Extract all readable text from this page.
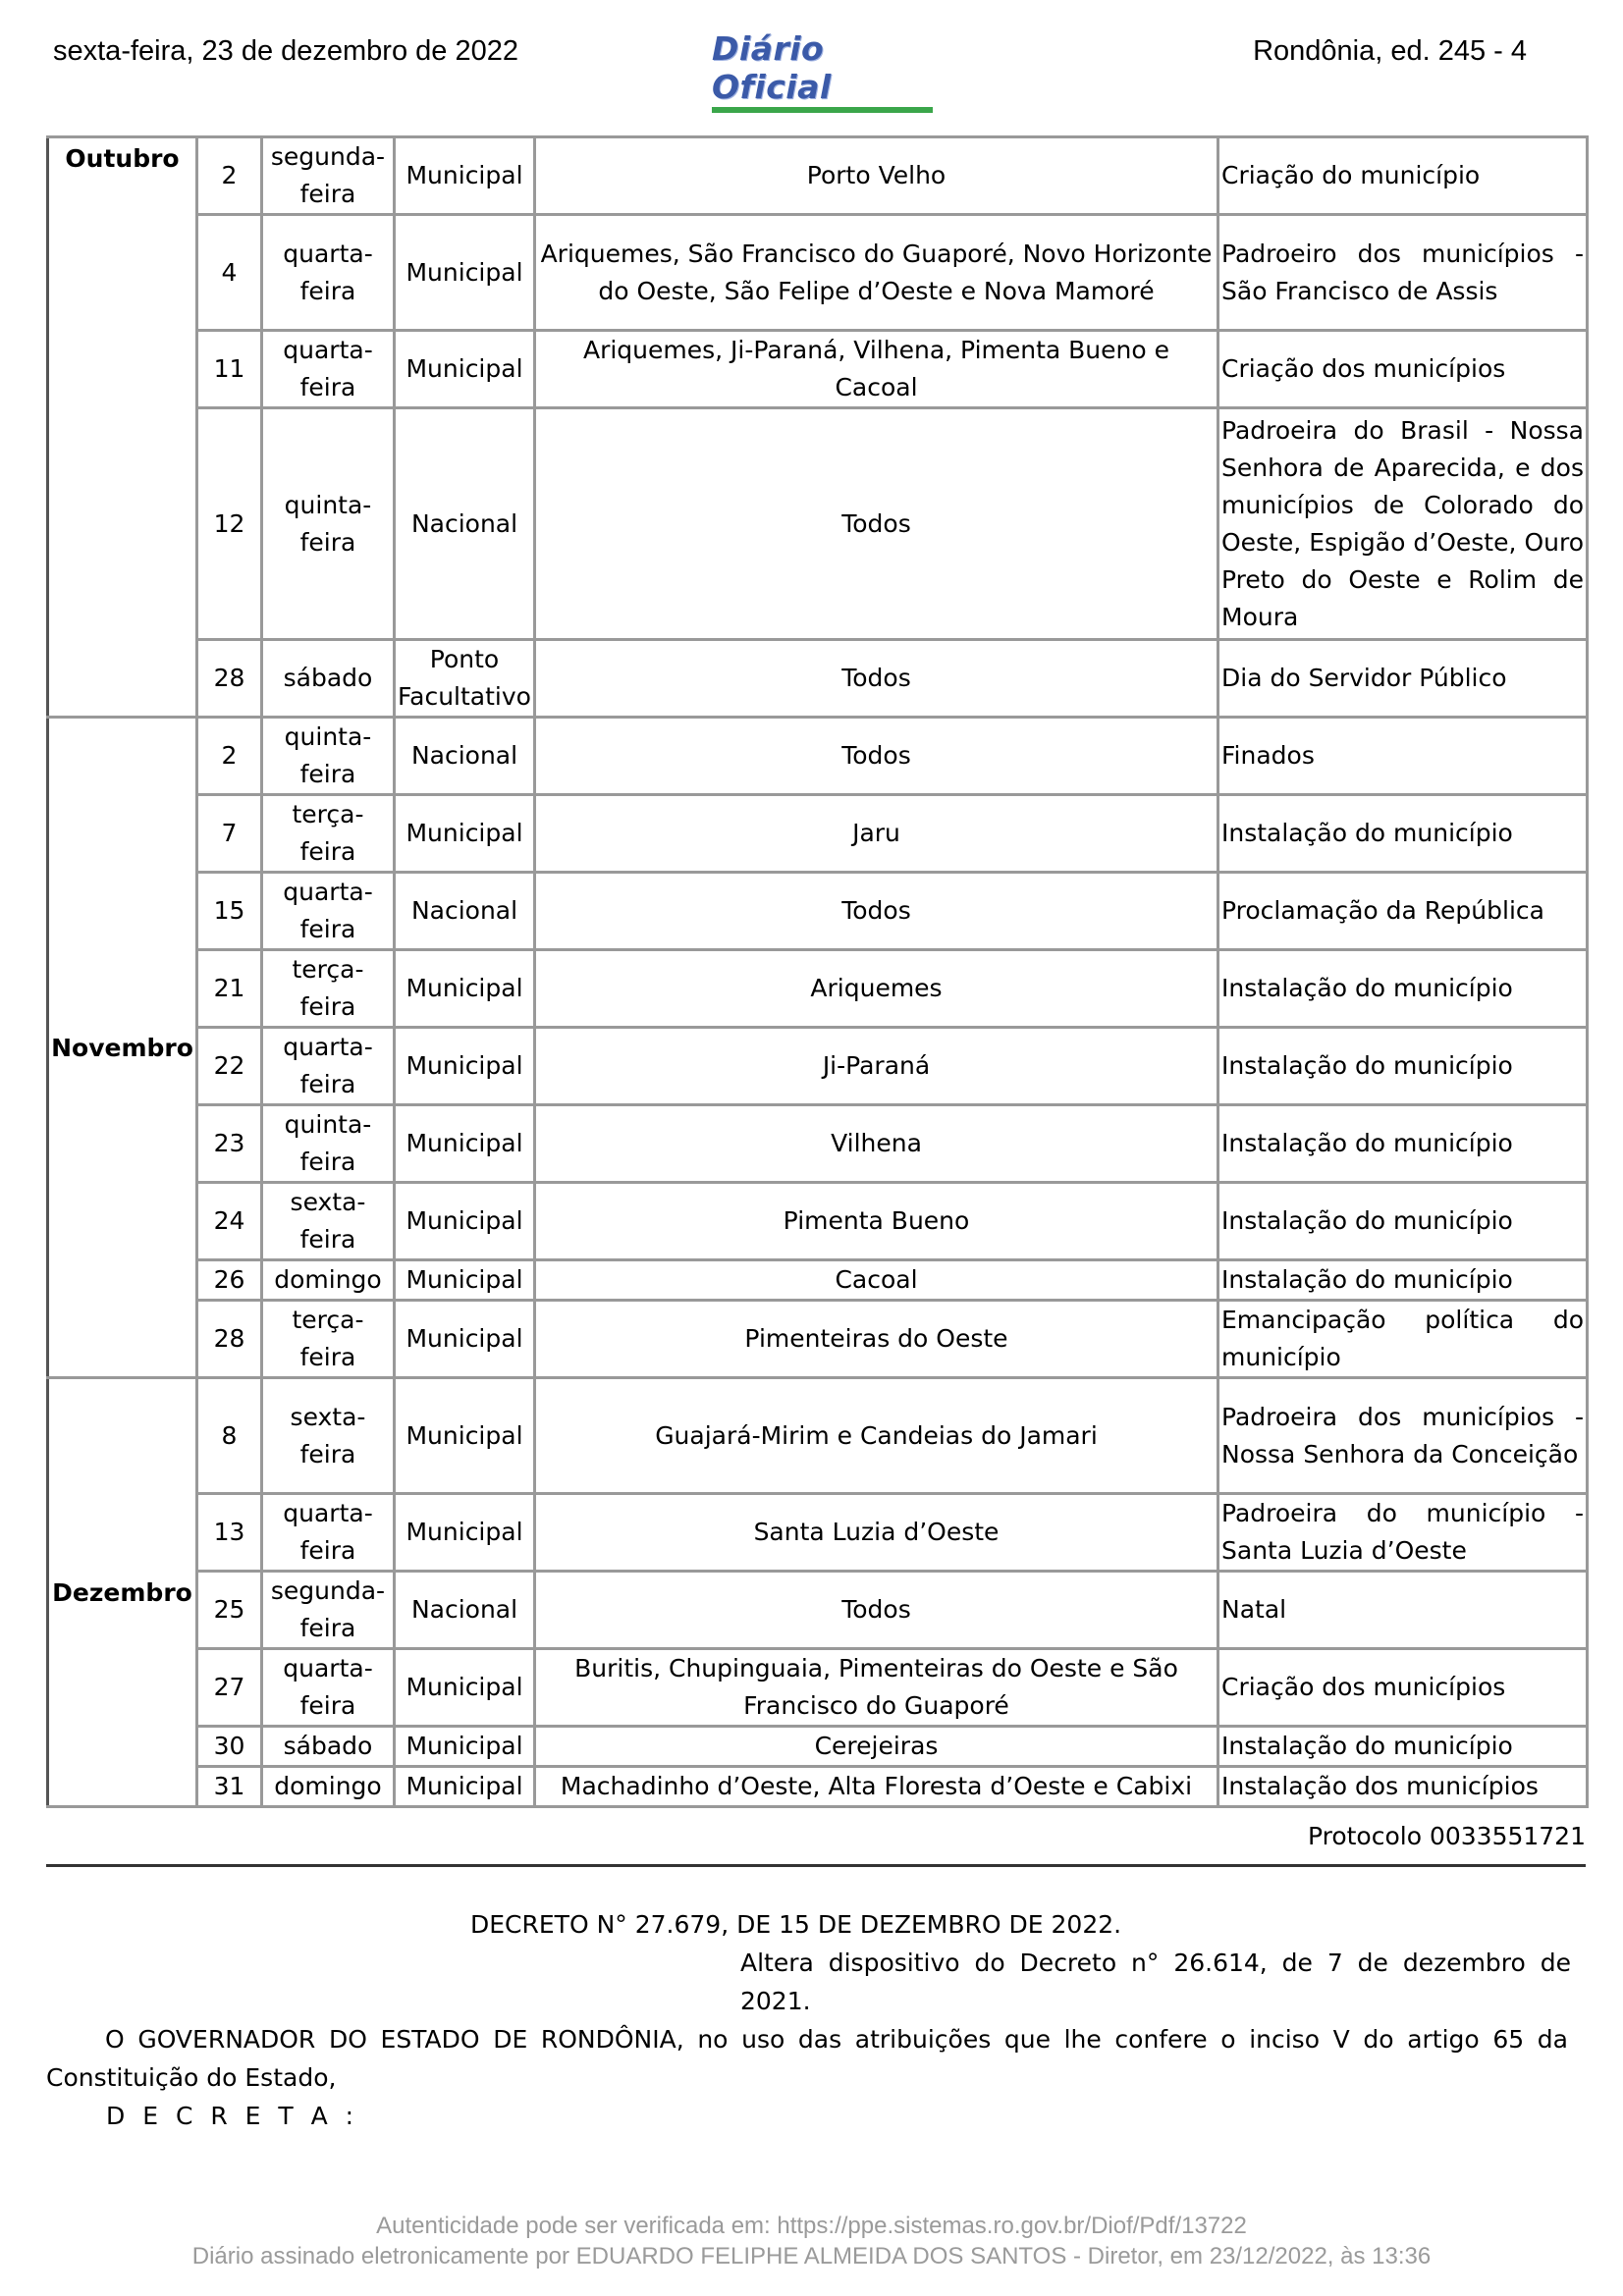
sexta-feira, 23 de dezembro de 2022	Diário Oficial
Rondônia, ed. 245 - 4
Outubro	2	segunda-feira	Municipal	Porto Velho	Criação do município
	4	quarta-feira	Municipal	Ariquemes, São Francisco do Guaporé, Novo Horizonte do Oeste, São Felipe d’Oeste e Nova Mamoré	Padroeiro dos municípios - São Francisco de Assis
	11	quarta-feira	Municipal	Ariquemes, Ji-Paraná, Vilhena, Pimenta Bueno e Cacoal	Criação dos municípios
	12	quinta-feira	Nacional	Todos	Padroeira do Brasil - Nossa Senhora de Aparecida, e dos municípios de Colorado do Oeste, Espigão d’Oeste, Ouro Preto do Oeste e Rolim de Moura
	28	sábado	Ponto Facultativo	Todos	Dia do Servidor Público
Novembro	2	quinta-feira	Nacional	Todos	Finados
	7	terça-feira	Municipal	Jaru	Instalação do município
	15	quarta-feira	Nacional	Todos	Proclamação da República
	21	terça-feira	Municipal	Ariquemes	Instalação do município
	22	quarta-feira	Municipal	Ji-Paraná	Instalação do município
	23	quinta-feira	Municipal	Vilhena	Instalação do município
	24	sexta-feira	Municipal	Pimenta Bueno	Instalação do município
	26	domingo	Municipal	Cacoal	Instalação do município
	28	terça-feira	Municipal	Pimenteiras do Oeste	Emancipação política do município
Dezembro	8	sexta-feira	Municipal	Guajará-Mirim e Candeias do Jamari	Padroeira dos municípios - Nossa Senhora da Conceição
	13	quarta-feira	Municipal	Santa Luzia d’Oeste	Padroeira do município - Santa Luzia d’Oeste
	25	segunda-feira	Nacional	Todos	Natal
	27	quarta-feira	Municipal	Buritis, Chupinguaia, Pimenteiras do Oeste e São Francisco do Guaporé	Criação dos municípios
	30	sábado	Municipal	Cerejeiras	Instalação do município
	31	domingo	Municipal	Machadinho d’Oeste, Alta Floresta d’Oeste e Cabixi	Instalação dos municípios
Protocolo 0033551721
DECRETO N° 27.679, DE 15 DE DEZEMBRO DE 2022.
Altera dispositivo do Decreto n° 26.614, de 7 de dezembro de 2021.
O GOVERNADOR DO ESTADO DE RONDÔNIA, no uso das atribuições que lhe confere o inciso V do artigo 65 da Constituição do Estado,
D E C R E T A :
Autenticidade pode ser verificada em: https://ppe.sistemas.ro.gov.br/Diof/Pdf/13722
Diário assinado eletronicamente por EDUARDO FELIPHE ALMEIDA DOS SANTOS - Diretor, em 23/12/2022, às 13:36
